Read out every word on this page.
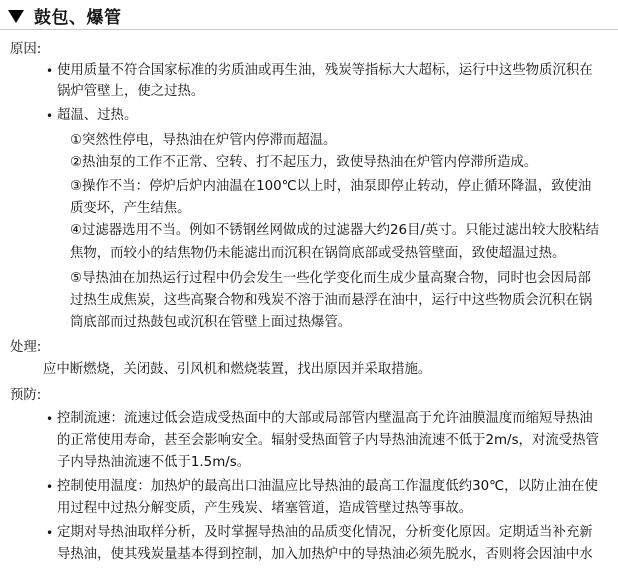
鼓包、爆管
原因:
• 使用质量不符合国家标准的劣质油或再生油，残炭等指标大大超标，运行中这些物质沉积在
锅炉管壁上，使之过热。
• 超温、过热。
①突然性停电，导热油在炉管内停滞而超温。
②热油泵的工作不正常、空转、打不起压力，致使导热油在炉管内停滞所造成。
③操作不当：停炉后炉内油温在100℃以上时，油泵即停止转动，停止循环降温，致使油
质变坏，产生结焦。
④过滤器选用不当。例如不锈钢丝网做成的过滤器大约26目/英寸。只能过滤出较大胶粘结
焦物，而较小的结焦物仍未能滤出而沉积在锅筒底部或受热管壁面，致使超温过热。
⑤导热油在加热运行过程中仍会发生一些化学变化而生成少量高聚合物，同时也会因局部
过热生成焦炭，这些高聚合物和残炭不溶于油而悬浮在油中，运行中这些物质会沉积在锅
筒底部而过热鼓包或沉积在管壁上面过热爆管。
处理:
应中断燃烧，关闭鼓、引风机和燃烧装置，找出原因并采取措施。
预防:
• 控制流速：流速过低会造成受热面中的大部或局部管内壁温高于允许油膜温度而缩短导热油
的正常使用寿命，甚至会影响安全。辐射受热面管子内导热油流速不低于2m/s，对流受热管
子内导热油流速不低于1.5m/s。
• 控制使用温度：加热炉的最高出口油温应比导热油的最高工作温度低约30℃，以防止油在使
用过程中过热分解变质，产生残炭、堵塞管道，造成管壁过热等事故。
• 定期对导热油取样分析，及时掌握导热油的品质变化情况，分析变化原因。定期适当补充新
导热油，使其残炭量基本得到控制，加入加热炉中的导热油必须先脱水，否则将会因油中水
